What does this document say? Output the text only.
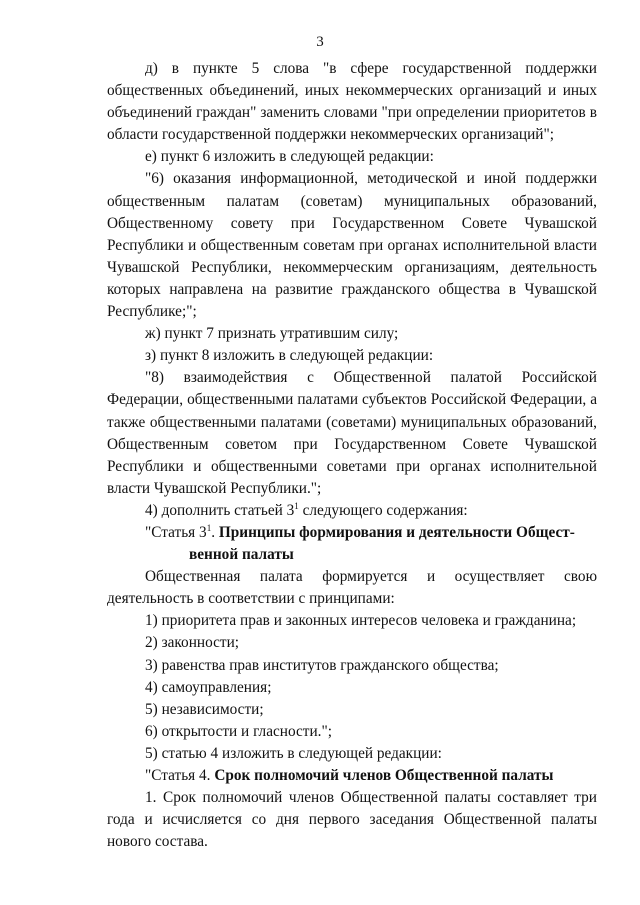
3

д) в пункте 5 слова "в сфере государственной поддержки общественных объединений, иных некоммерческих организаций и иных объединений граждан" заменить словами "при определении приоритетов в области государственной поддержки некоммерческих организаций";

е) пункт 6 изложить в следующей редакции:

"6) оказания информационной, методической и иной поддержки общественным палатам (советам) муниципальных образований, Общественному совету при Государственном Совете Чувашской Республики и общественным советам при органах исполнительной власти Чувашской Республики, некоммерческим организациям, деятельность которых направлена на развитие гражданского общества в Чувашской Республике;";

ж) пункт 7 признать утратившим силу;

з) пункт 8 изложить в следующей редакции:

"8) взаимодействия с Общественной палатой Российской Федерации, общественными палатами субъектов Российской Федерации, а также общественными палатами (советами) муниципальных образований, Общественным советом при Государственном Совете Чувашской Республики и общественными советами при органах исполнительной власти Чувашской Республики.";

4) дополнить статьей $3^1$ следующего содержания:

"Статья $3^1$. Принципы формирования и деятельности Общест-
венной палаты

Общественная палата формируется и осуществляет свою деятельность в соответствии с принципами:

1) приоритета прав и законных интересов человека и гражданина;

2) законности;

3) равенства прав институтов гражданского общества;

4) самоуправления;

5) независимости;

6) открытости и гласности.";

5) статью 4 изложить в следующей редакции:

"Статья 4. Срок полномочий членов Общественной палаты

1. Срок полномочий членов Общественной палаты составляет три года и исчисляется со дня первого заседания Общественной палаты нового состава.
